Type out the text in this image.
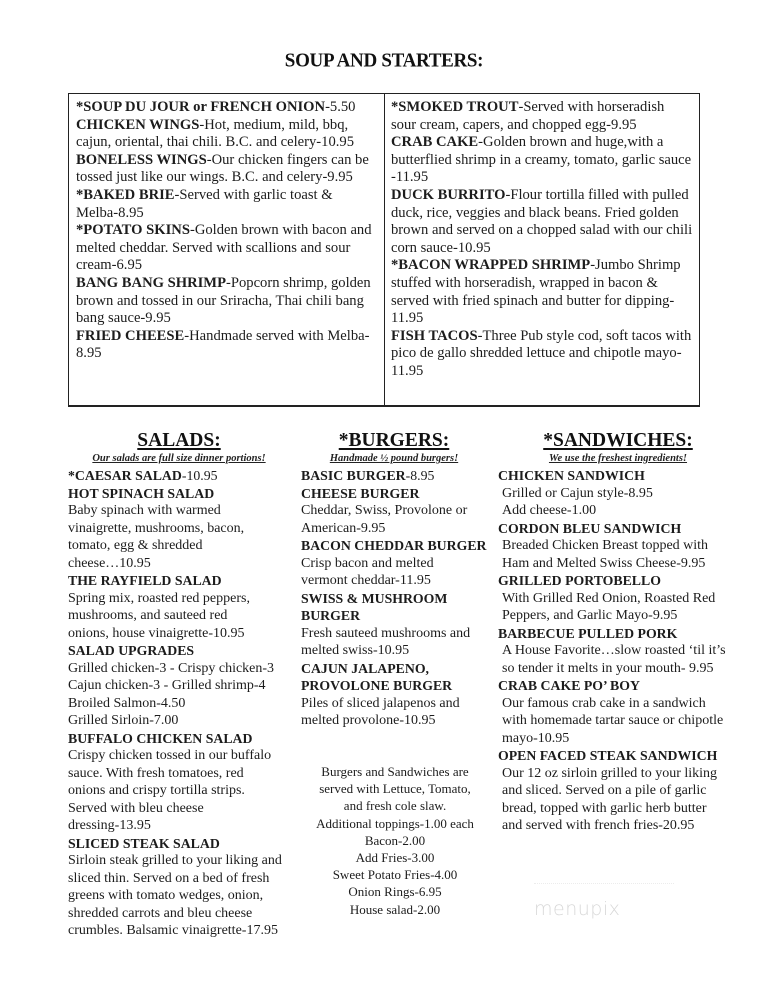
SOUP AND STARTERS:
*SOUP DU JOUR or FRENCH ONION-5.50
CHICKEN WINGS-Hot, medium, mild, bbq, cajun, oriental, thai chili. B.C. and celery-10.95
BONELESS WINGS-Our chicken fingers can be tossed just like our wings. B.C. and celery-9.95
*BAKED BRIE-Served with garlic toast & Melba-8.95
*POTATO SKINS-Golden brown with bacon and melted cheddar. Served with scallions and sour cream-6.95
BANG BANG SHRIMP-Popcorn shrimp, golden brown and tossed in our Sriracha, Thai chili bang bang sauce-9.95
FRIED CHEESE-Handmade served with Melba-8.95
*SMOKED TROUT-Served with horseradish sour cream, capers, and chopped egg-9.95
CRAB CAKE-Golden brown and huge,with a butterflied shrimp in a creamy, tomato, garlic sauce -11.95
DUCK BURRITO-Flour tortilla filled with pulled duck, rice, veggies and black beans. Fried golden brown and served on a chopped salad with our chili corn sauce-10.95
*BACON WRAPPED SHRIMP-Jumbo Shrimp stuffed with horseradish, wrapped in bacon & served with fried spinach and butter for dipping-11.95
FISH TACOS-Three Pub style cod, soft tacos with pico de gallo shredded lettuce and chipotle mayo- 11.95
SALADS:
Our salads are full size dinner portions!
*CAESAR SALAD-10.95
HOT SPINACH SALAD
Baby spinach with warmed
vinaigrette, mushrooms, bacon,
tomato, egg & shredded
cheese…10.95
THE RAYFIELD SALAD
Spring mix, roasted red peppers,
mushrooms, and sauteed red
onions, house vinaigrette-10.95
SALAD UPGRADES
Grilled chicken-3 - Crispy chicken-3
Cajun chicken-3 - Grilled shrimp-4
Broiled Salmon-4.50
Grilled Sirloin-7.00
BUFFALO CHICKEN SALAD
Crispy chicken tossed in our buffalo
sauce. With fresh tomatoes, red
onions and crispy tortilla strips.
Served with bleu cheese
dressing-13.95
SLICED STEAK SALAD
Sirloin steak grilled to your liking and
sliced thin. Served on a bed of fresh
greens with tomato wedges, onion,
shredded carrots and bleu cheese
crumbles. Balsamic vinaigrette-17.95
*BURGERS:
Handmade ½ pound burgers!
BASIC BURGER-8.95
CHEESE BURGER
Cheddar, Swiss, Provolone or
American-9.95
BACON CHEDDAR BURGER
Crisp bacon and melted
vermont cheddar-11.95
SWISS & MUSHROOM
BURGER
Fresh sauteed mushrooms and
melted swiss-10.95
CAJUN JALAPENO,
PROVOLONE BURGER
Piles of sliced jalapenos and
melted provolone-10.95
Burgers and Sandwiches are
served with Lettuce, Tomato,
and fresh cole slaw.
Additional toppings-1.00 each
Bacon-2.00
Add Fries-3.00
Sweet Potato Fries-4.00
Onion Rings-6.95
House salad-2.00
*SANDWICHES:
We use the freshest ingredients!
CHICKEN SANDWICH
Grilled or Cajun style-8.95
Add cheese-1.00
CORDON BLEU SANDWICH
Breaded Chicken Breast topped with
Ham and Melted Swiss Cheese-9.95
GRILLED PORTOBELLO
With Grilled Red Onion, Roasted Red
Peppers, and Garlic Mayo-9.95
BARBECUE PULLED PORK
A House Favorite…slow roasted ‘til it’s
so tender it melts in your mouth- 9.95
CRAB CAKE PO’ BOY
Our famous crab cake in a sandwich
with homemade tartar sauce or chipotle
mayo-10.95
OPEN FACED STEAK SANDWICH
Our 12 oz sirloin grilled to your liking
and sliced. Served on a pile of garlic
bread, topped with garlic herb butter
and served with french fries-20.95
menupix
